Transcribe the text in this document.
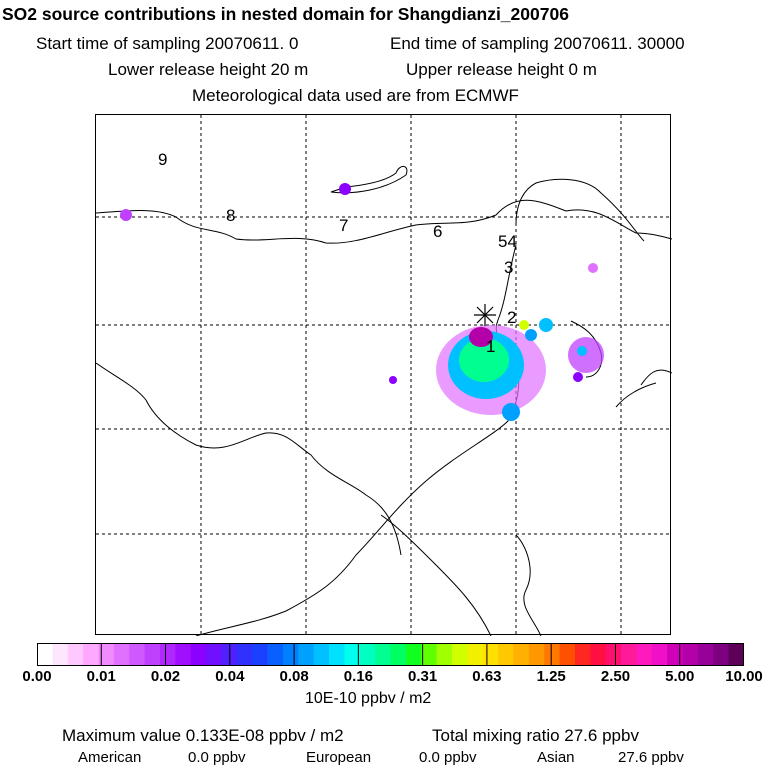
SO2 source contributions in nested domain for Shangdianzi_200706
Start time of sampling 20070611. 0	End time of sampling 20070611. 30000
Lower release height 20 m	Upper release height 0 m
Meteorological data used are from ECMWF
9
8
7	6
54
3
2
1
0.00 0.01 0.02 0.04 0.08 0.16 0.31 0.63 1.25 2.50 5.00 10.00
10E-10 ppbv / m2
Maximum value 0.133E-08 ppbv / m2	Total mixing ratio 27.6 ppbv
American	0.0 ppbv	European	0.0 ppbv	Asian	27.6 ppbv
